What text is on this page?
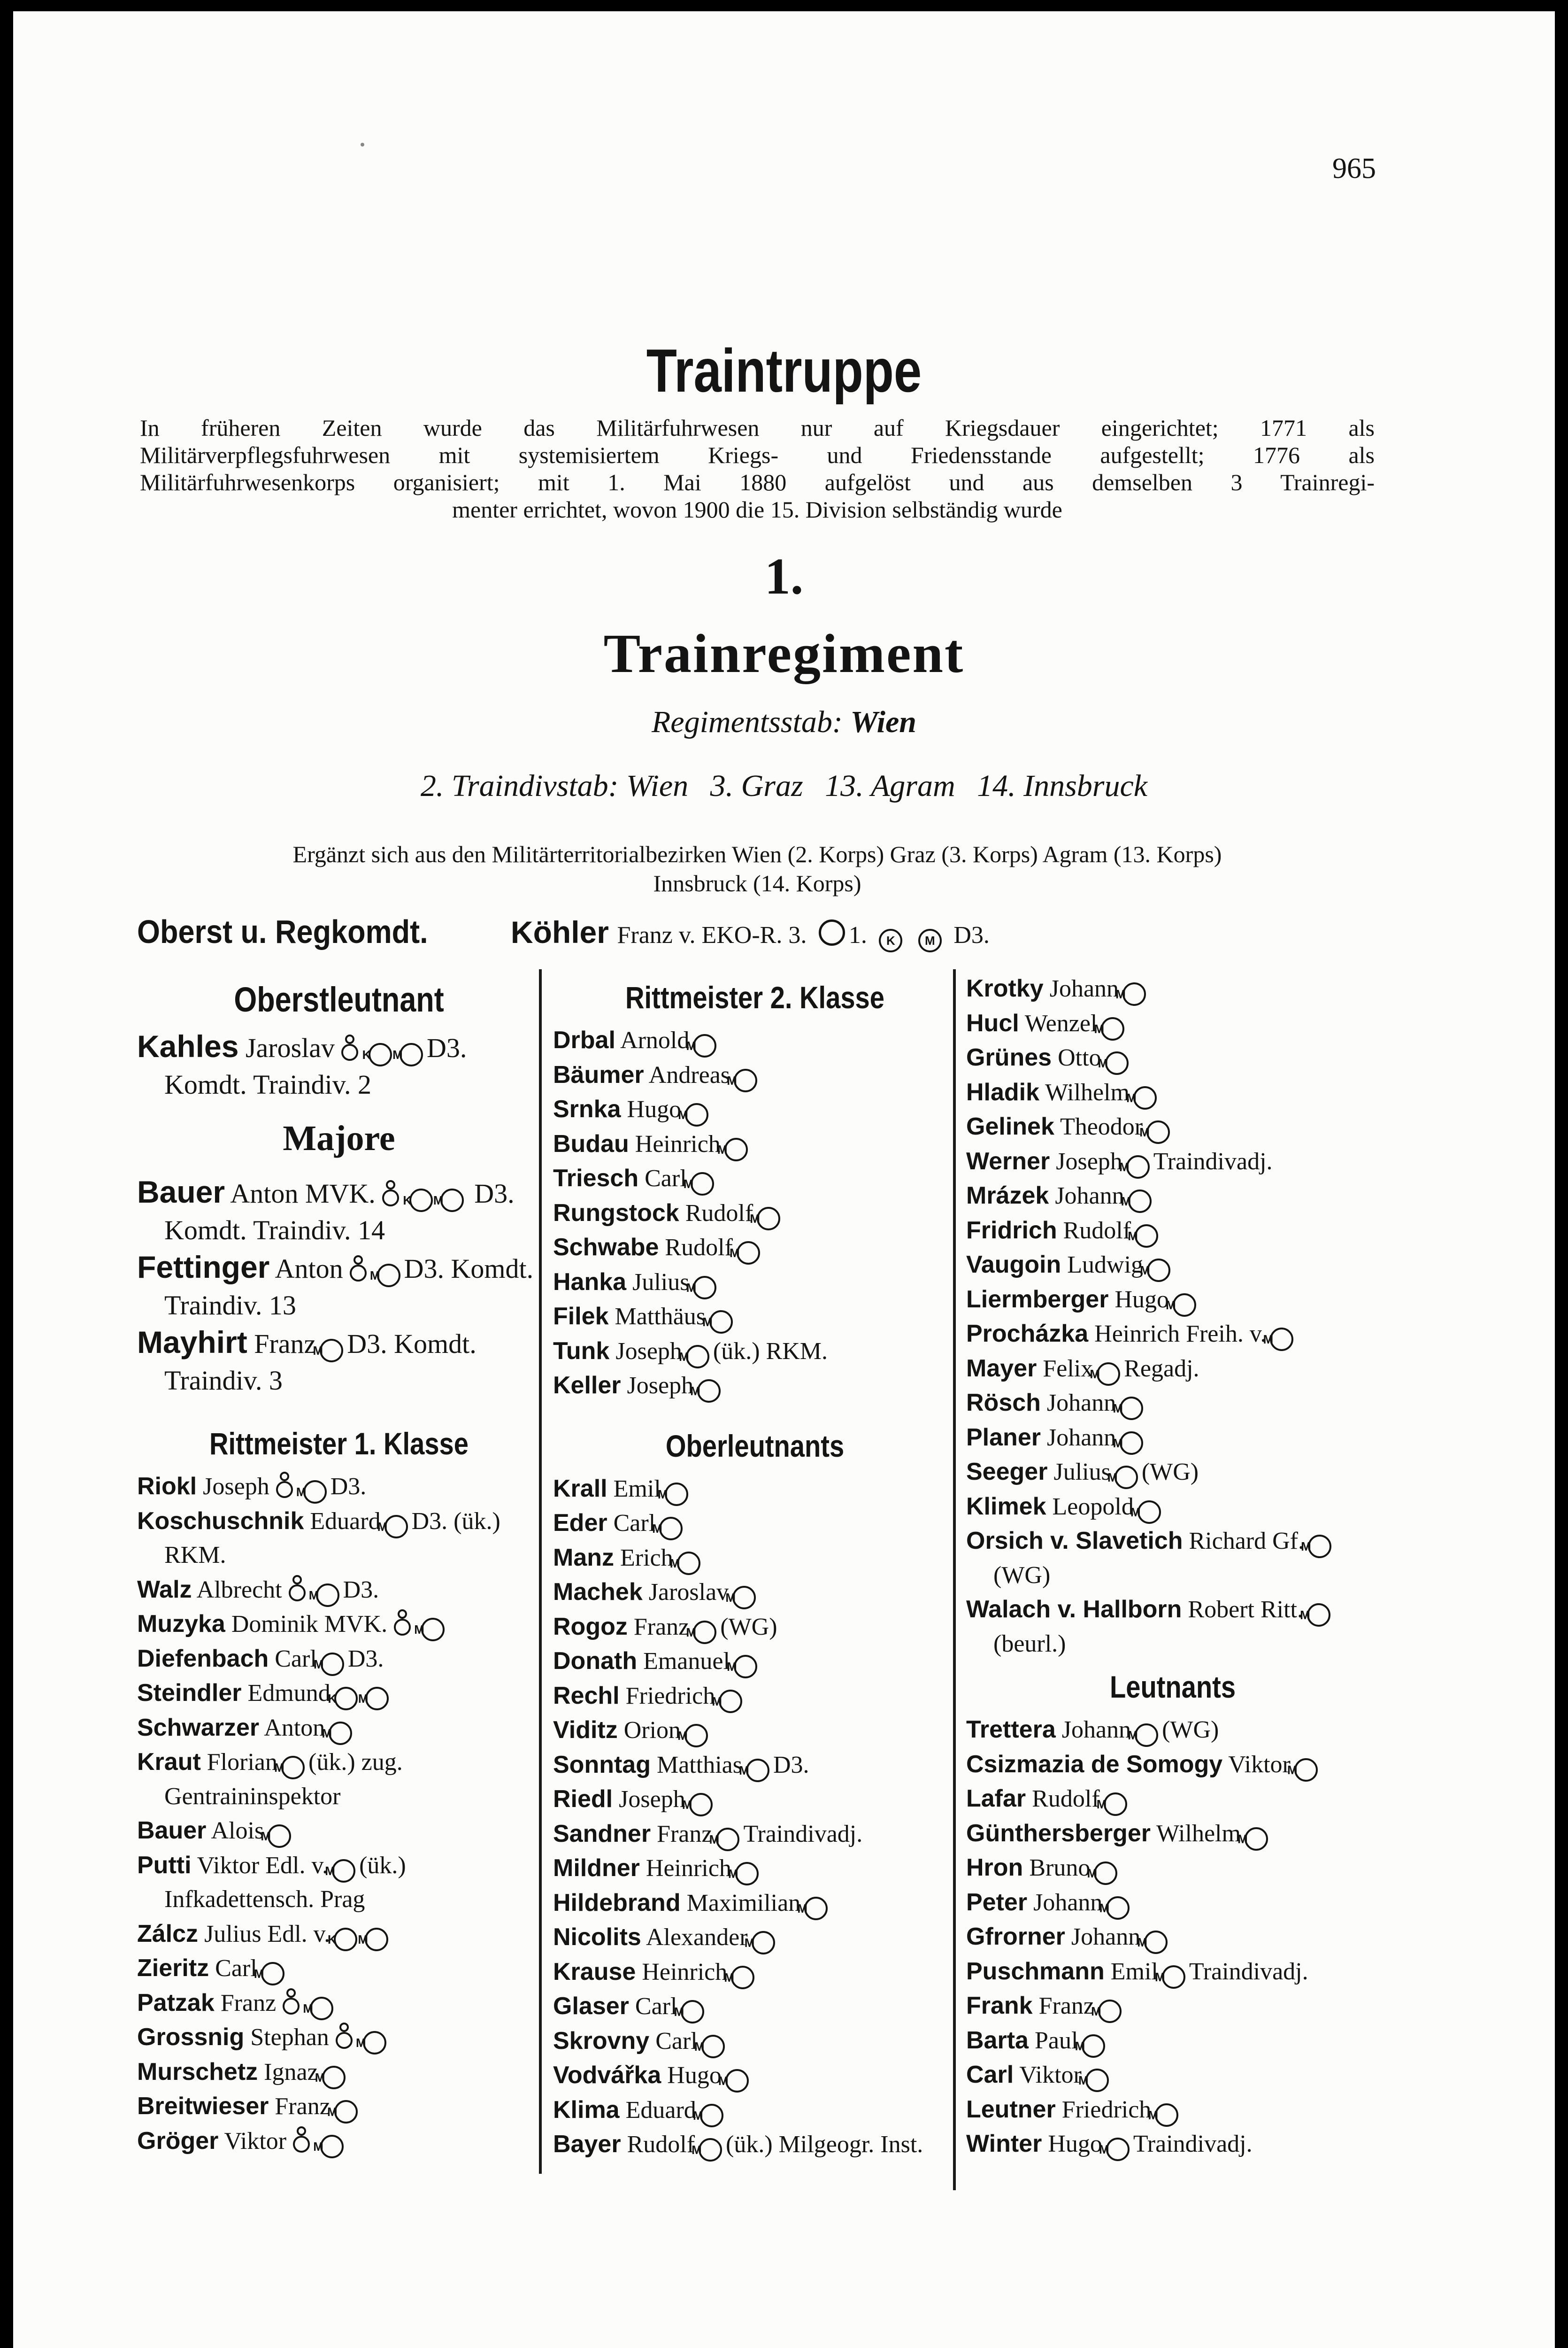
965
Traintruppe
In früheren Zeiten wurde das Militärfuhrwesen nur auf Kriegsdauer eingerichtet; 1771 als
Militärverpflegsfuhrwesen mit systemisiertem Kriegs- und Friedensstande aufgestellt; 1776 als
Militärfuhrwesenkorps organisiert; mit 1. Mai 1880 aufgelöst und aus demselben 3 Trainregi-
menter errichtet, wovon 1900 die 15. Division selbständig wurde
1.
Trainregiment
Regimentsstab: Wien
2. Traindivstab: Wien 3. Graz 13. Agram 14. Innsbruck
Ergänzt sich aus den Militärterritorialbezirken Wien (2. Korps) Graz (3. Korps) Agram (13. Korps)
Innsbruck (14. Korps)
Oberst u. Regkomdt.	Köhler Franz v. EKO-R. 3. 1. K M	D3.
Oberstleutnant
Kahles Jaroslav K M	D3. Komdt. Traindiv. 2
Majore
Bauer Anton MVK.KM	D3. Komdt. Traindiv. 14
Fettinger Anton M D3. Komdt. Traindiv. 13
Mayhirt Franz M D3. Komdt. Traindiv. 3
Rittmeister 1. Klasse
Riokl Joseph M	D3.
Koschuschnik Eduard M D3. (ük.) RKM.
Walz Albrecht M	D3.
Muzyka Dominik MVK.M
Diefenbach Carl M D3.
Steindler EdmundKM
Schwarzer AntonM
Kraut Florian M (ük.) zug. Gentraininspektor
Bauer AloisM
Putti Viktor Edl. v. M (ük.) Infkadettensch. Prag
Zálcz Julius Edl. v.KM
Zieritz CarlM
Patzak FranzM
Grossnig StephanM
Murschetz IgnazM
Breitwieser FranzM
Gröger ViktorM
Rittmeister 2. Klasse
Drbal ArnoldM
Bäumer AndreasM
Srnka HugoM
Budau HeinrichM
Triesch CarlM
Rungstock RudolfM
Schwabe RudolfM
Hanka JuliusM
Filek MatthäusM
Tunk Joseph M (ük.) RKM.
Keller JosephM
Oberleutnants
Krall EmilM
Eder CarlM
Manz ErichM
Machek JaroslavM
Rogoz Franz M (WG)
Donath EmanuelM
Rechl FriedrichM
Viditz OrionM
Sonntag Matthias M D3.
Riedl JosephM
Sandner Franz M Traindivadj.
Mildner HeinrichM
Hildebrand MaximilianM
Nicolits AlexanderM
Krause HeinrichM
Glaser CarlM
Skrovny CarlM
Vodvářka HugoM
Klima EduardM
Bayer Rudolf M (ük.) Milgeogr. Inst.
Krotky JohannM
Hucl WenzelM
Grünes OttoM
Hladik WilhelmM
Gelinek TheodorM
Werner Joseph M Traindivadj.
Mrázek JohannM
Fridrich RudolfM
Vaugoin LudwigM
Liermberger HugoM
Procházka Heinrich Freih. v.M
Mayer Felix M Regadj.
Rösch JohannM
Planer JohannM
Seeger Julius M (WG)
Klimek LeopoldM
Orsich v. Slavetich Richard Gf.M(WG)
Walach v. Hallborn Robert Ritt.M(beurl.)
Leutnants
Trettera Johann M (WG)
Csizmazia de Somogy ViktorM
Lafar RudolfM
Günthersberger WilhelmM
Hron BrunoM
Peter JohannM
Gfrorner JohannM
Puschmann Emil M Traindivadj.
Frank FranzM
Barta PaulM
Carl ViktorM
Leutner FriedrichM
Winter Hugo M Traindivadj.
